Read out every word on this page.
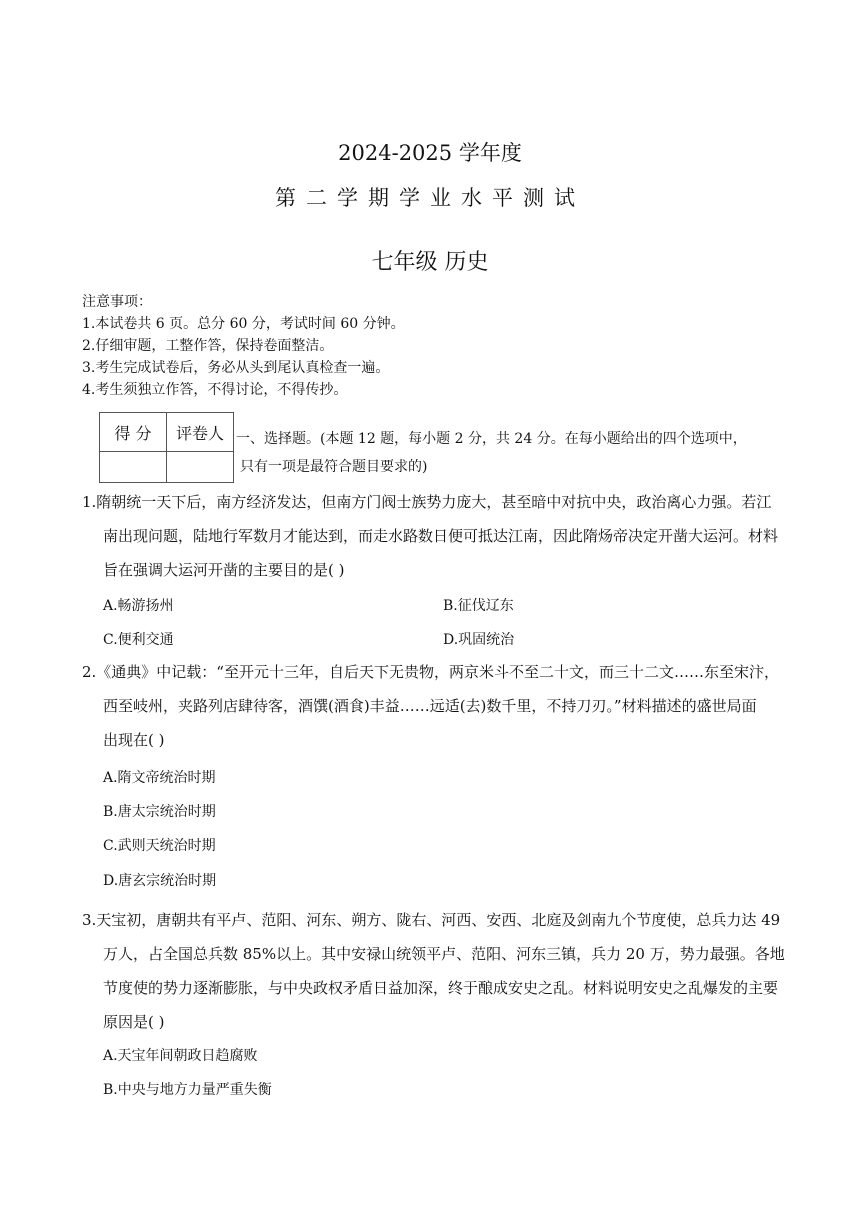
2024-2025 学年度
第二学期学业水平测试
七年级 历史
注意事项：
1.本试卷共 6 页。总分 60 分，考试时间 60 分钟。
2.仔细审题，工整作答，保持卷面整洁。
3.考生完成试卷后，务必从头到尾认真检查一遍。
4.考生须独立作答，不得讨论，不得传抄。
得 分	评卷人
	一、选择题。(本题 12 题，每小题 2 分，共 24 分。在每小题给出的四个选项中，
只有一项是最符合题目要求的)
1.隋朝统一天下后，南方经济发达，但南方门阀士族势力庞大，甚至暗中对抗中央，政治离心力强。若江
南出现问题，陆地行军数月才能达到，而走水路数日便可抵达江南，因此隋炀帝决定开凿大运河。材料
旨在强调大运河开凿的主要目的是( )
A.畅游扬州	B.征伐辽东
C.便利交通	D.巩固统治
2.《通典》中记载：“至开元十三年，自后天下无贵物，两京米斗不至二十文，而三十二文……东至宋汴，
西至岐州，夹路列店肆待客，酒馔(酒食)丰益……远适(去)数千里，不持刀刃。”材料描述的盛世局面
出现在( )
A.隋文帝统治时期
B.唐太宗统治时期
C.武则天统治时期
D.唐玄宗统治时期
3.天宝初，唐朝共有平卢、范阳、河东、朔方、陇右、河西、安西、北庭及剑南九个节度使，总兵力达 49
万人，占全国总兵数 85%以上。其中安禄山统领平卢、范阳、河东三镇，兵力 20 万，势力最强。各地
节度使的势力逐渐膨胀，与中央政权矛盾日益加深，终于酿成安史之乱。材料说明安史之乱爆发的主要
原因是( )
A.天宝年间朝政日趋腐败
B.中央与地方力量严重失衡
